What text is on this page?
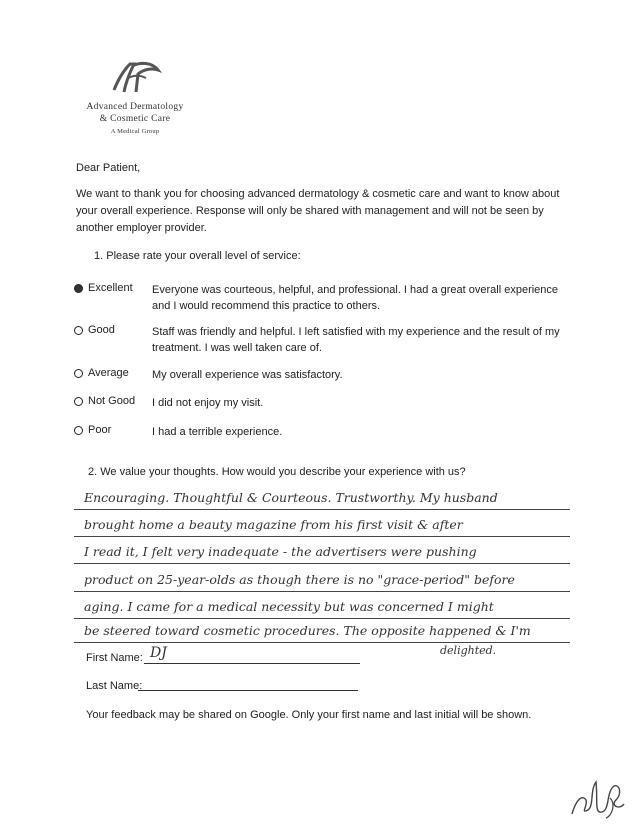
Advanced Dermatology
& Cosmetic Care
A Medical Group
Dear Patient,
We want to thank you for choosing advanced dermatology & cosmetic care and want to know about your overall experience. Response will only be shared with management and will not be seen by another employer provider.
1. Please rate your overall level of service:
Excellent Everyone was courteous, helpful, and professional. I had a great overall experience and I would recommend this practice to others.
Good	Staff was friendly and helpful. I left satisfied with my experience and the result of my treatment. I was well taken care of.
Average My overall experience was satisfactory.
Not Good I did not enjoy my visit.
Poor	I had a terrible experience.
2. We value your thoughts. How would you describe your experience with us?
Encouraging. Thoughtful & Courteous. Trustworthy. My husband
brought home a beauty magazine from his first visit & after
I read it, I felt very inadequate - the advertisers were pushing
product on 25-year-olds as though there is no "grace-period" before
aging. I came for a medical necessity but was concerned I might
be steered toward cosmetic procedures. The opposite happened & I'm
delighted.
First Name: DJ
Last Name:
Your feedback may be shared on Google. Only your first name and last initial will be shown.
